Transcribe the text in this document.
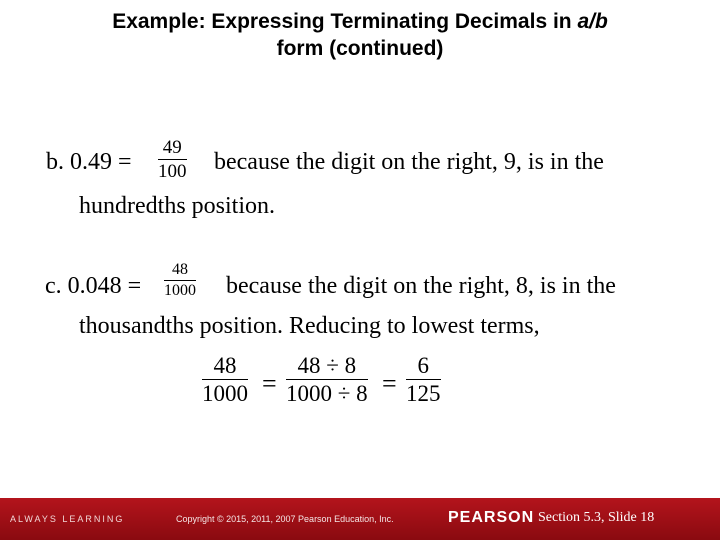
Example: Expressing Terminating Decimals in a/b
form (continued)
b. 0.49 =
49
100 because the digit on the right, 9, is in the
hundredths position.
c. 0.048 =
48
1000 because the digit on the right, 8, is in the
thousandths position. Reducing to lowest terms,
48
1000 =
48 ÷ 8
1000 ÷ 8 =
6
125
ALWAYS LEARNING	Copyright © 2015, 2011, 2007 Pearson Education, Inc.	PEARSON Section 5.3, Slide 18
